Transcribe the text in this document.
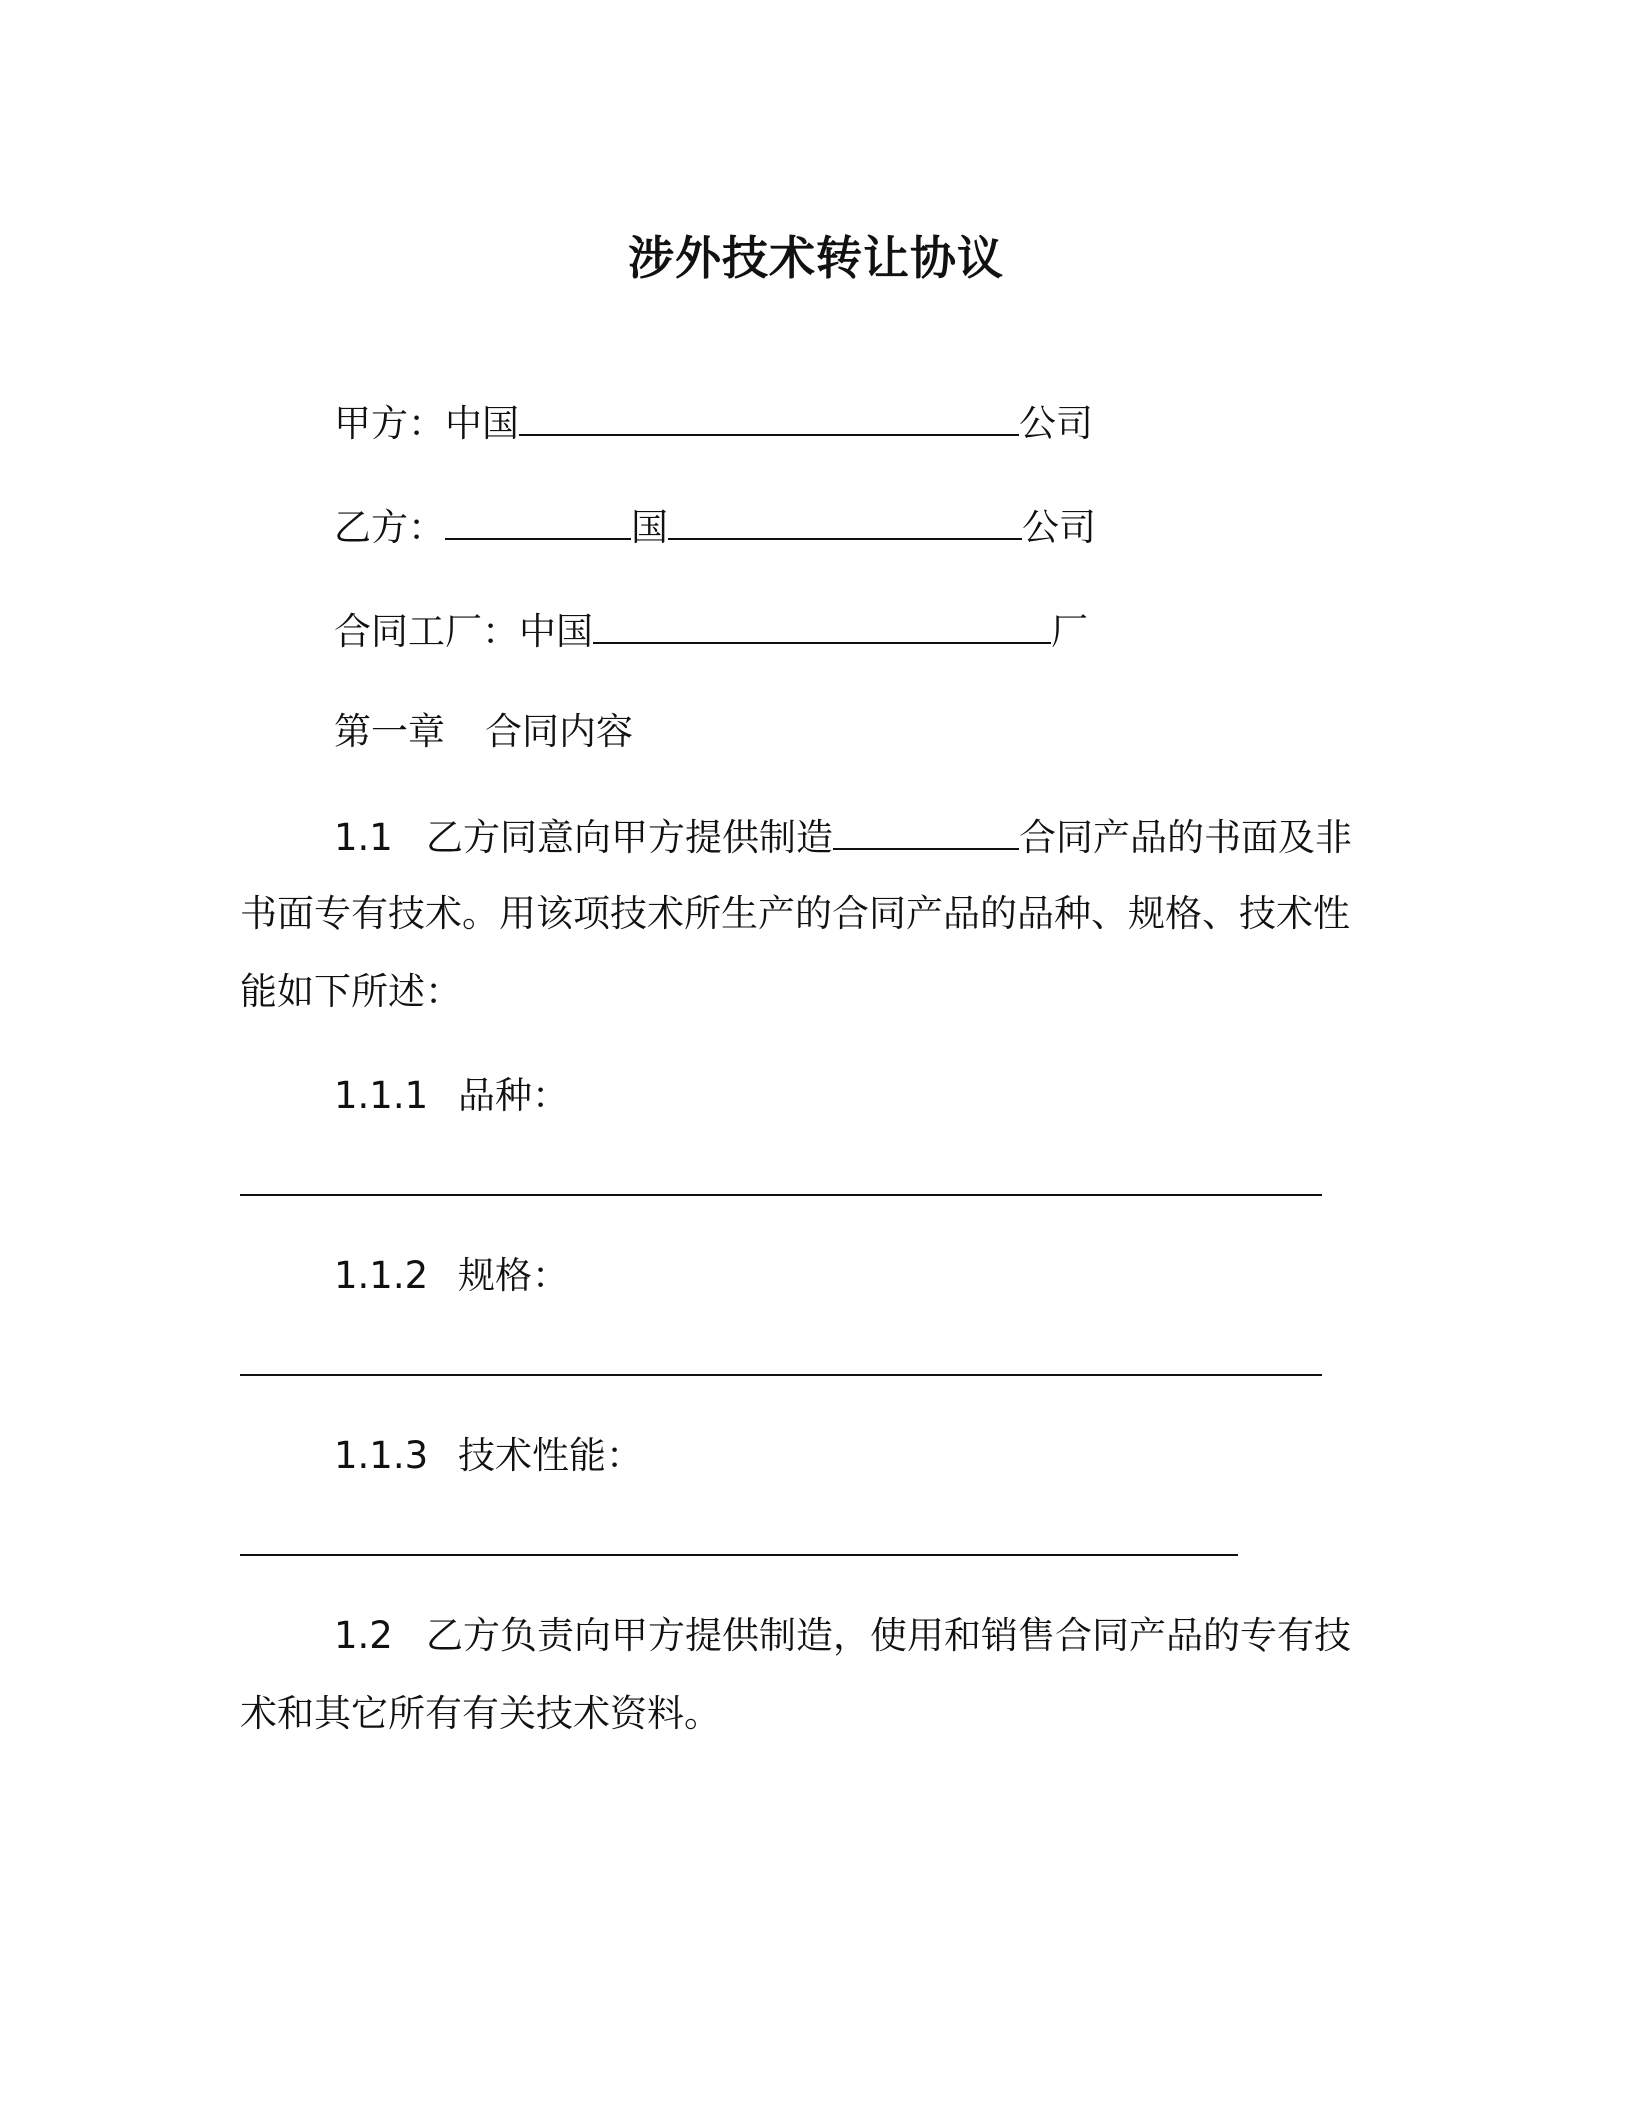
涉外技术转让协议
甲方：中国	公司
乙方：	国	公司
合同工厂：中国	厂
第一章 合同内容
1.1 乙方同意向甲方提供制造	合同产品的书面及非
书面专有技术。用该项技术所生产的合同产品的品种、规格、技术性
能如下所述：
1.1.1 品种：
1.1.2 规格：
1.1.3 技术性能：
1.2 乙方负责向甲方提供制造，使用和销售合同产品的专有技
术和其它所有有关技术资料。
